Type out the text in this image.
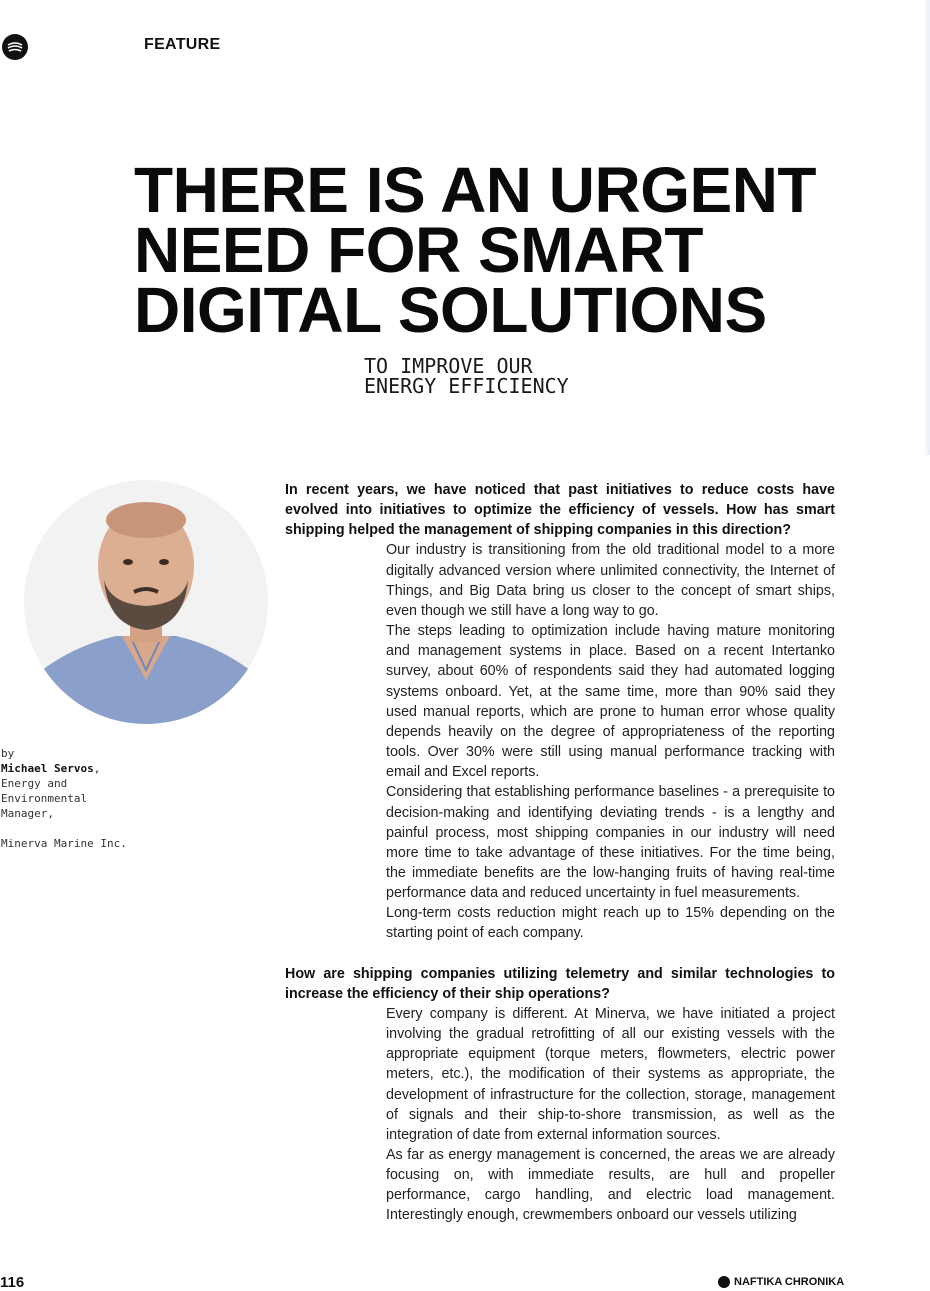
FEATURE
THERE IS AN URGENT
NEED FOR SMART
DIGITAL SOLUTIONS
TO IMPROVE OUR
ENERGY EFFICIENCY
by
Michael Servos,
Energy and
Environmental
Manager,
Minerva Marine Inc.

In recent years, we have noticed that past initiatives to reduce costs have evolved into initiatives to optimize the efficiency of vessels. How has smart shipping helped the management of shipping companies in this direction?

Our industry is transitioning from the old traditional model to a more digitally advanced version where unlimited connectivity, the Internet of Things, and Big Data bring us closer to the concept of smart ships, even though we still have a long way to go.

The steps leading to optimization include having mature monitoring and management systems in place. Based on a recent Intertanko survey, about 60% of respondents said they had automated logging systems onboard. Yet, at the same time, more than 90% said they used manual reports, which are prone to human error whose quality depends heavily on the degree of appropriateness of the reporting tools. Over 30% were still using manual performance tracking with email and Excel reports.

Considering that establishing performance baselines - a prerequisite to decision-making and identifying deviating trends - is a lengthy and painful process, most shipping companies in our industry will need more time to take advantage of these initiatives. For the time being, the immediate benefits are the low-hanging fruits of having real-time performance data and reduced uncertainty in fuel measurements.

Long-term costs reduction might reach up to 15% depending on the starting point of each company.

How are shipping companies utilizing telemetry and similar technologies to increase the efficiency of their ship operations?

Every company is different. At Minerva, we have initiated a project involving the gradual retrofitting of all our existing vessels with the appropriate equipment (torque meters, flowmeters, electric power meters, etc.), the modification of their systems as appropriate, the development of infrastructure for the collection, storage, management of signals and their ship-to-shore transmission, as well as the integration of date from external information sources.

As far as energy management is concerned, the areas we are already focusing on, with immediate results, are hull and propeller performance, cargo handling, and electric load management. Interestingly enough, crewmembers onboard our vessels utilizing

116	NAFTIKA CHRONIKA
